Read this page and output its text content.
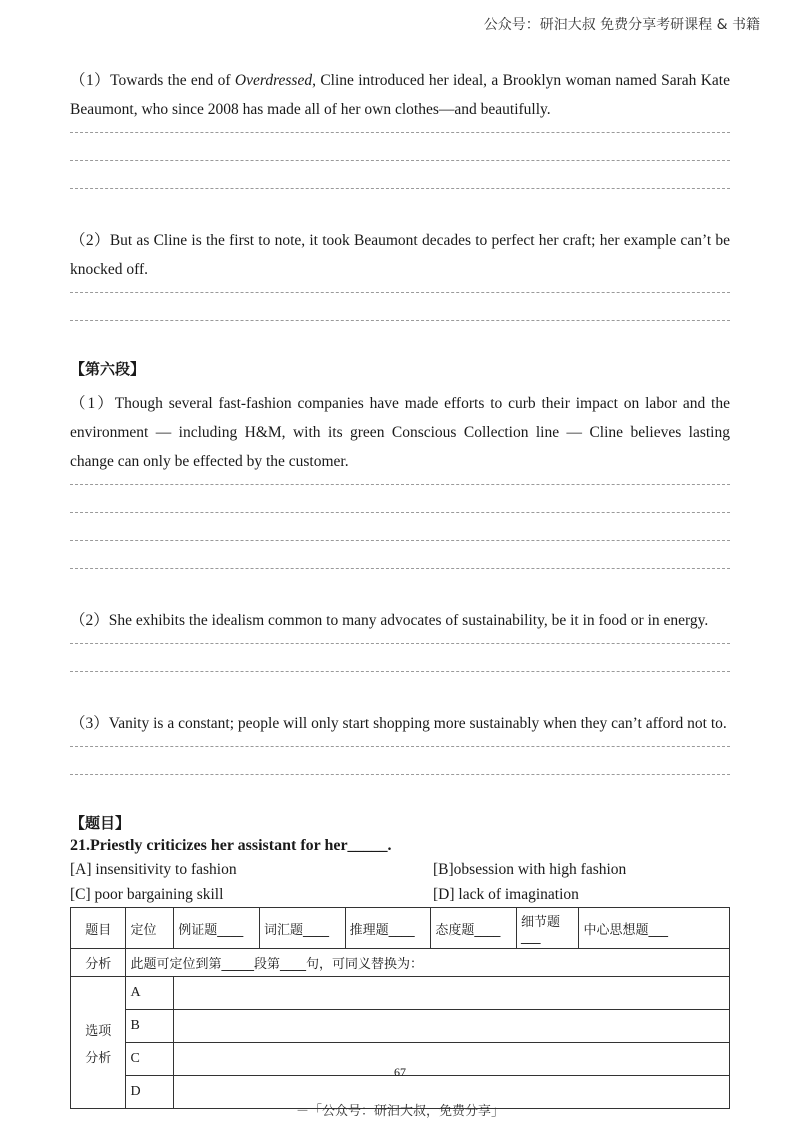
公众号：研汩大叔 免费分享考研课程 & 书籍

（1）Towards the end of Overdressed, Cline introduced her ideal, a Brooklyn woman named Sarah Kate Beaumont, who since 2008 has made all of her own clothes—and beautifully.

（2）But as Cline is the first to note, it took Beaumont decades to perfect her craft; her example can’t be knocked off.

【第六段】

（1）Though several fast-fashion companies have made efforts to curb their impact on labor and the environment — including H&M, with its green Conscious Collection line — Cline believes lasting change can only be effected by the customer.

（2）She exhibits the idealism common to many advocates of sustainability, be it in food or in energy.

（3）Vanity is a constant; people will only start shopping more sustainably when they can’t afford not to.

【题目】
21.Priestly criticizes her assistant for her_____.
[A] insensitivity to fashion	[B]obsession with high fashion
[C] poor bargaining skill	[D] lack of imagination
题目	定位	例证题____	词汇题____	推理题____	态度题____	细节题___	中心思想题___
分析	此题可定位到第_____段第____句，可同义替换为：						

选项
分析	A						
	B						
	C						
	D						
67
－「公众号：研汩大叔，免费分享」
